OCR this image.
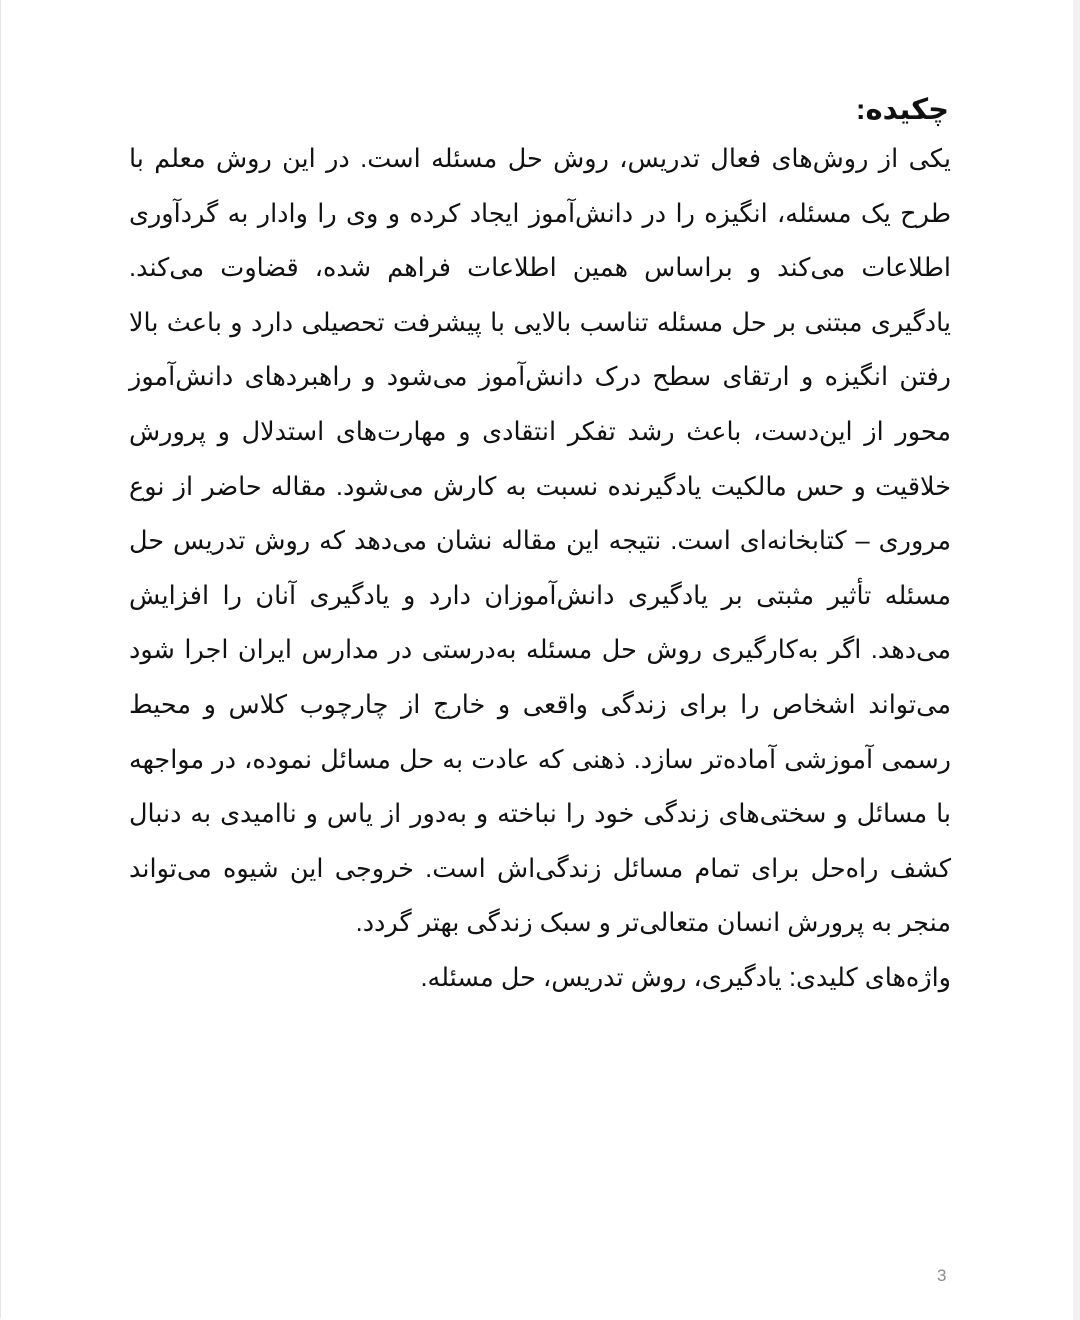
چکیده:

یکی از روش‌های فعال تدریس، روش حل مسئله است. در این روش معلم با طرح یک مسئله، انگیزه را در دانش‌آموز ایجاد کرده و وی را وادار به گردآوری اطلاعات می‌کند و براساس همین اطلاعات فراهم شده، قضاوت می‌کند. یادگیری مبتنی بر حل مسئله تناسب بالایی با پیشرفت تحصیلی دارد و باعث بالا رفتن انگیزه و ارتقای سطح درک دانش‌آموز می‌شود و راهبردهای دانش‌آموز محور از این‌دست، باعث رشد تفکر انتقادی و مهارت‌های استدلال و پرورش خلاقیت و حس مالکیت یادگیرنده نسبت به کارش می‌شود. مقاله حاضر از نوع مروری – کتابخانه‌ای است. نتیجه این مقاله نشان می‌دهد که روش تدریس حل مسئله تأثیر مثبتی بر یادگیری دانش‌آموزان دارد و یادگیری آنان را افزایش می‌دهد. اگر به‌کارگیری روش حل مسئله به‌درستی در مدارس ایران اجرا شود می‌تواند اشخاص را برای زندگی واقعی و خارج از چارچوب کلاس و محیط رسمی آموزشی آماده‌تر سازد. ذهنی که عادت به حل مسائل نموده، در مواجهه با مسائل و سختی‌های زندگی خود را نباخته و به‌دور از یاس و ناامیدی به دنبال کشف راه‌حل برای تمام مسائل زندگی‌اش است. خروجی این شیوه می‌تواند منجر به پرورش انسان متعالی‌تر و سبک زندگی بهتر گردد.

واژه‌های کلیدی: یادگیری، روش تدریس، حل مسئله.

3
